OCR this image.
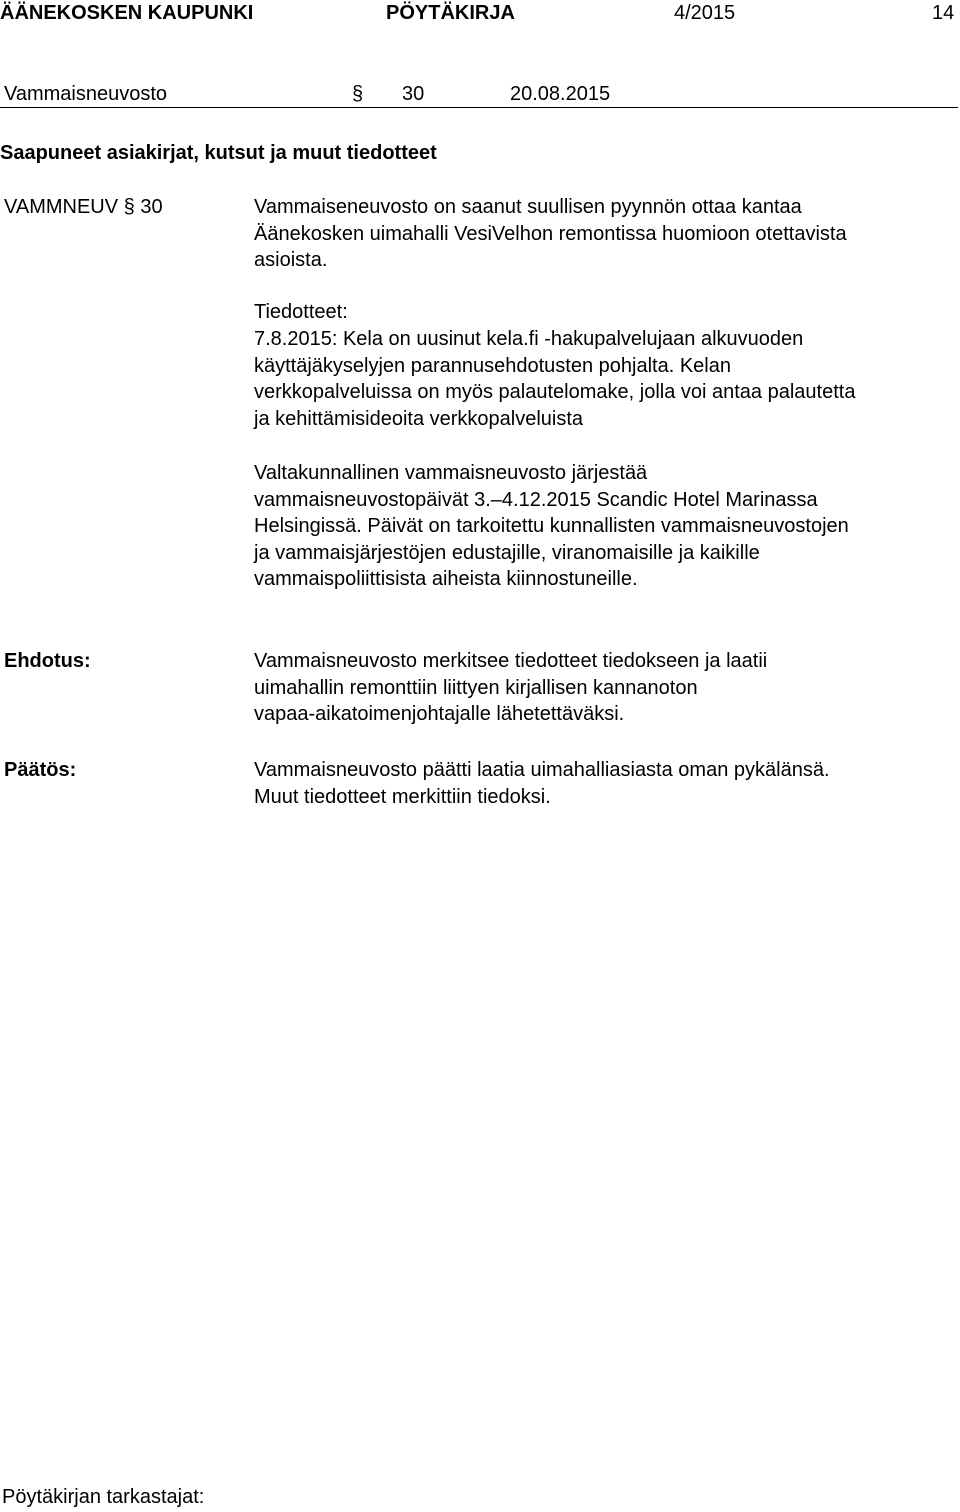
ÄÄNEKOSKEN KAUPUNKI	PÖYTÄKIRJA	4/2015	14
Vammaisneuvosto	§ 30	20.08.2015
Saapuneet asiakirjat, kutsut ja muut tiedotteet
VAMMNEUV § 30	Vammaiseneuvosto on saanut suullisen pyynnön ottaa kantaa

Äänekosken uimahalli VesiVelhon remontissa huomioon otettavista

asioista.

Tiedotteet:

7.8.2015: Kela on uusinut kela.fi -hakupalvelujaan alkuvuoden

käyttäjäkyselyjen parannusehdotusten pohjalta. Kelan

verkkopalveluissa on myös palautelomake, jolla voi antaa palautetta

ja kehittämisideoita verkkopalveluista

Valtakunnallinen vammaisneuvosto järjestää

vammaisneuvostopäivät 3.–4.12.2015 Scandic Hotel Marinassa

Helsingissä. Päivät on tarkoitettu kunnallisten vammaisneuvostojen

ja vammaisjärjestöjen edustajille, viranomaisille ja kaikille

vammaispoliittisista aiheista kiinnostuneille.

Ehdotus:	Vammaisneuvosto merkitsee tiedotteet tiedokseen ja laatii

uimahallin remonttiin liittyen kirjallisen kannanoton

vapaa-aikatoimenjohtajalle lähetettäväksi.

Päätös:	Vammaisneuvosto päätti laatia uimahalliasiasta oman pykälänsä.

Muut tiedotteet merkittiin tiedoksi.

Pöytäkirjan tarkastajat:
